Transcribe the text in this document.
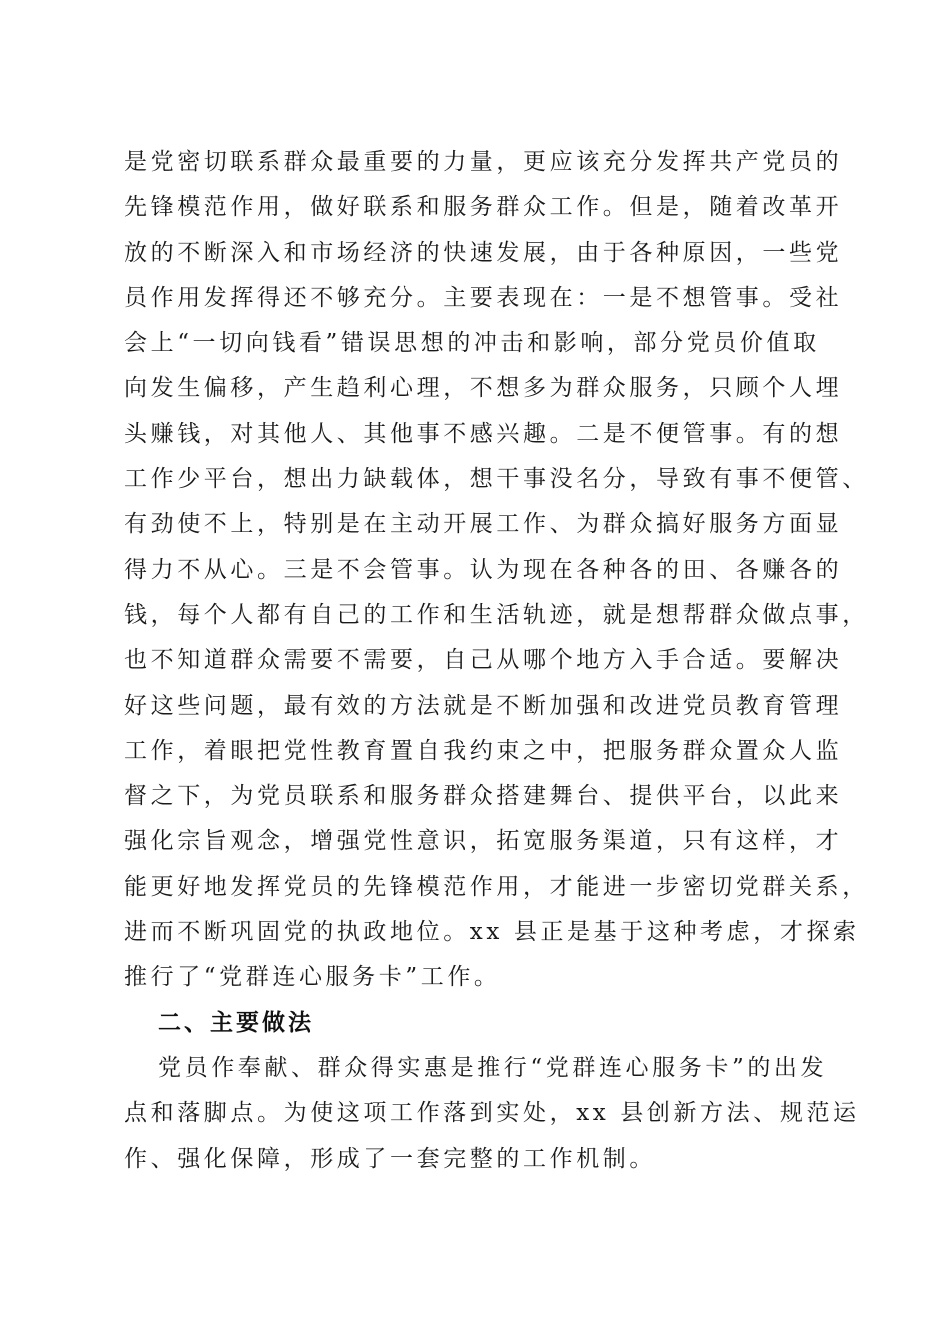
是党密切联系群众最重要的力量，更应该充分发挥共产党员的
先锋模范作用，做好联系和服务群众工作。但是，随着改革开
放的不断深入和市场经济的快速发展，由于各种原因，一些党
员作用发挥得还不够充分。主要表现在：一是不想管事。受社
会上“一切向钱看”错误思想的冲击和影响，部分党员价值取
向发生偏移，产生趋利心理，不想多为群众服务，只顾个人埋
头赚钱，对其他人、其他事不感兴趣。二是不便管事。有的想
工作少平台，想出力缺载体，想干事没名分，导致有事不便管、
有劲使不上，特别是在主动开展工作、为群众搞好服务方面显
得力不从心。三是不会管事。认为现在各种各的田、各赚各的
钱，每个人都有自己的工作和生活轨迹，就是想帮群众做点事，
也不知道群众需要不需要，自己从哪个地方入手合适。要解决
好这些问题，最有效的方法就是不断加强和改进党员教育管理
工作，着眼把党性教育置自我约束之中，把服务群众置众人监
督之下，为党员联系和服务群众搭建舞台、提供平台，以此来
强化宗旨观念，增强党性意识，拓宽服务渠道，只有这样，才
能更好地发挥党员的先锋模范作用，才能进一步密切党群关系，
进而不断巩固党的执政地位。xx 县正是基于这种考虑，才探索
推行了“党群连心服务卡”工作。
二、主要做法
党员作奉献、群众得实惠是推行“党群连心服务卡”的出发
点和落脚点。为使这项工作落到实处，xx 县创新方法、规范运
作、强化保障，形成了一套完整的工作机制。
